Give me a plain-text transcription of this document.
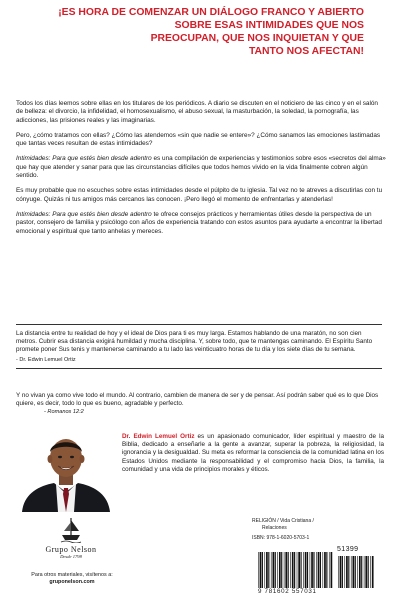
¡ES HORA DE COMENZAR UN DIÁLOGO FRANCO Y ABIERTO
SOBRE ESAS INTIMIDADES QUE NOS
PREOCUPAN, QUE NOS INQUIETAN Y QUE
TANTO NOS AFECTAN!

Todos los días leemos sobre ellas en los titulares de los periódicos. A diario se discuten en el noticiero de las cinco y en el salón de belleza: el divorcio, la infidelidad, el homosexualismo, el abuso sexual, la masturbación, la soledad, la pornografía, las adicciones, las prisiones reales y las imaginarias.

Pero, ¿cómo tratamos con ellas? ¿Cómo las atendemos «sin que nadie se entere»? ¿Cómo sanamos las emociones lastimadas que tantas veces resultan de estas intimidades?

Intimidades: Para que estés bien desde adentro es una compilación de experiencias y testimonios sobre esos «secretos del alma» que hay que atender y sanar para que las circunstancias difíciles que todos hemos vivido en la vida finalmente cobren algún sentido.

Es muy probable que no escuches sobre estas intimidades desde el púlpito de tu iglesia. Tal vez no te atreves a discutirlas con tu cónyuge. Quizás ni tus amigos más cercanos las conocen. ¡Pero llegó el momento de enfrentarlas y atenderlas!

Intimidades: Para que estés bien desde adentro te ofrece consejos prácticos y herramientas útiles desde la perspectiva de un pastor, consejero de familia y psicólogo con años de experiencia tratando con estos asuntos para ayudarte a encontrar la libertad emocional y espiritual que tanto anhelas y mereces.

La distancia entre tu realidad de hoy y el ideal de Dios para ti es muy larga. Estamos hablando de una maratón, no son cien metros. Cubrir esa distancia exigirá humildad y mucha disciplina. Y, sobre todo, que te mantengas caminando. El Espíritu Santo promete poner Sus tenis y mantenerse caminando a tu lado las veinticuatro horas de tu día y los siete días de tu semana.

- Dr. Edwin Lemuel Ortiz

Y no vivan ya como vive todo el mundo. Al contrario, cambien de manera de ser y de pensar. Así podrán saber qué es lo que Dios quiere, es decir, todo lo que es bueno, agradable y perfecto.

- Romanos 12:2

Dr. Edwin Lemuel Ortiz es un apasionado comunicador, líder espiritual y maestro de la Biblia, dedicado a enseñarle a la gente a avanzar, superar la pobreza, la religiosidad, la ignorancia y la desigualdad. Su meta es reformar la consciencia de la comunidad latina en los Estados Unidos mediante la responsabilidad y el compromiso hacia Dios, la familia, la comunidad y una vida de principios morales y éticos.

Grupo Nelson
Desde 1798
Para otros materiales, visítenos a:
gruponelson.com
RELIGIÓN / Vida Cristiana /
Relaciones
ISBN: 978-1-6020-5703-1
51399
9 781602 557031
